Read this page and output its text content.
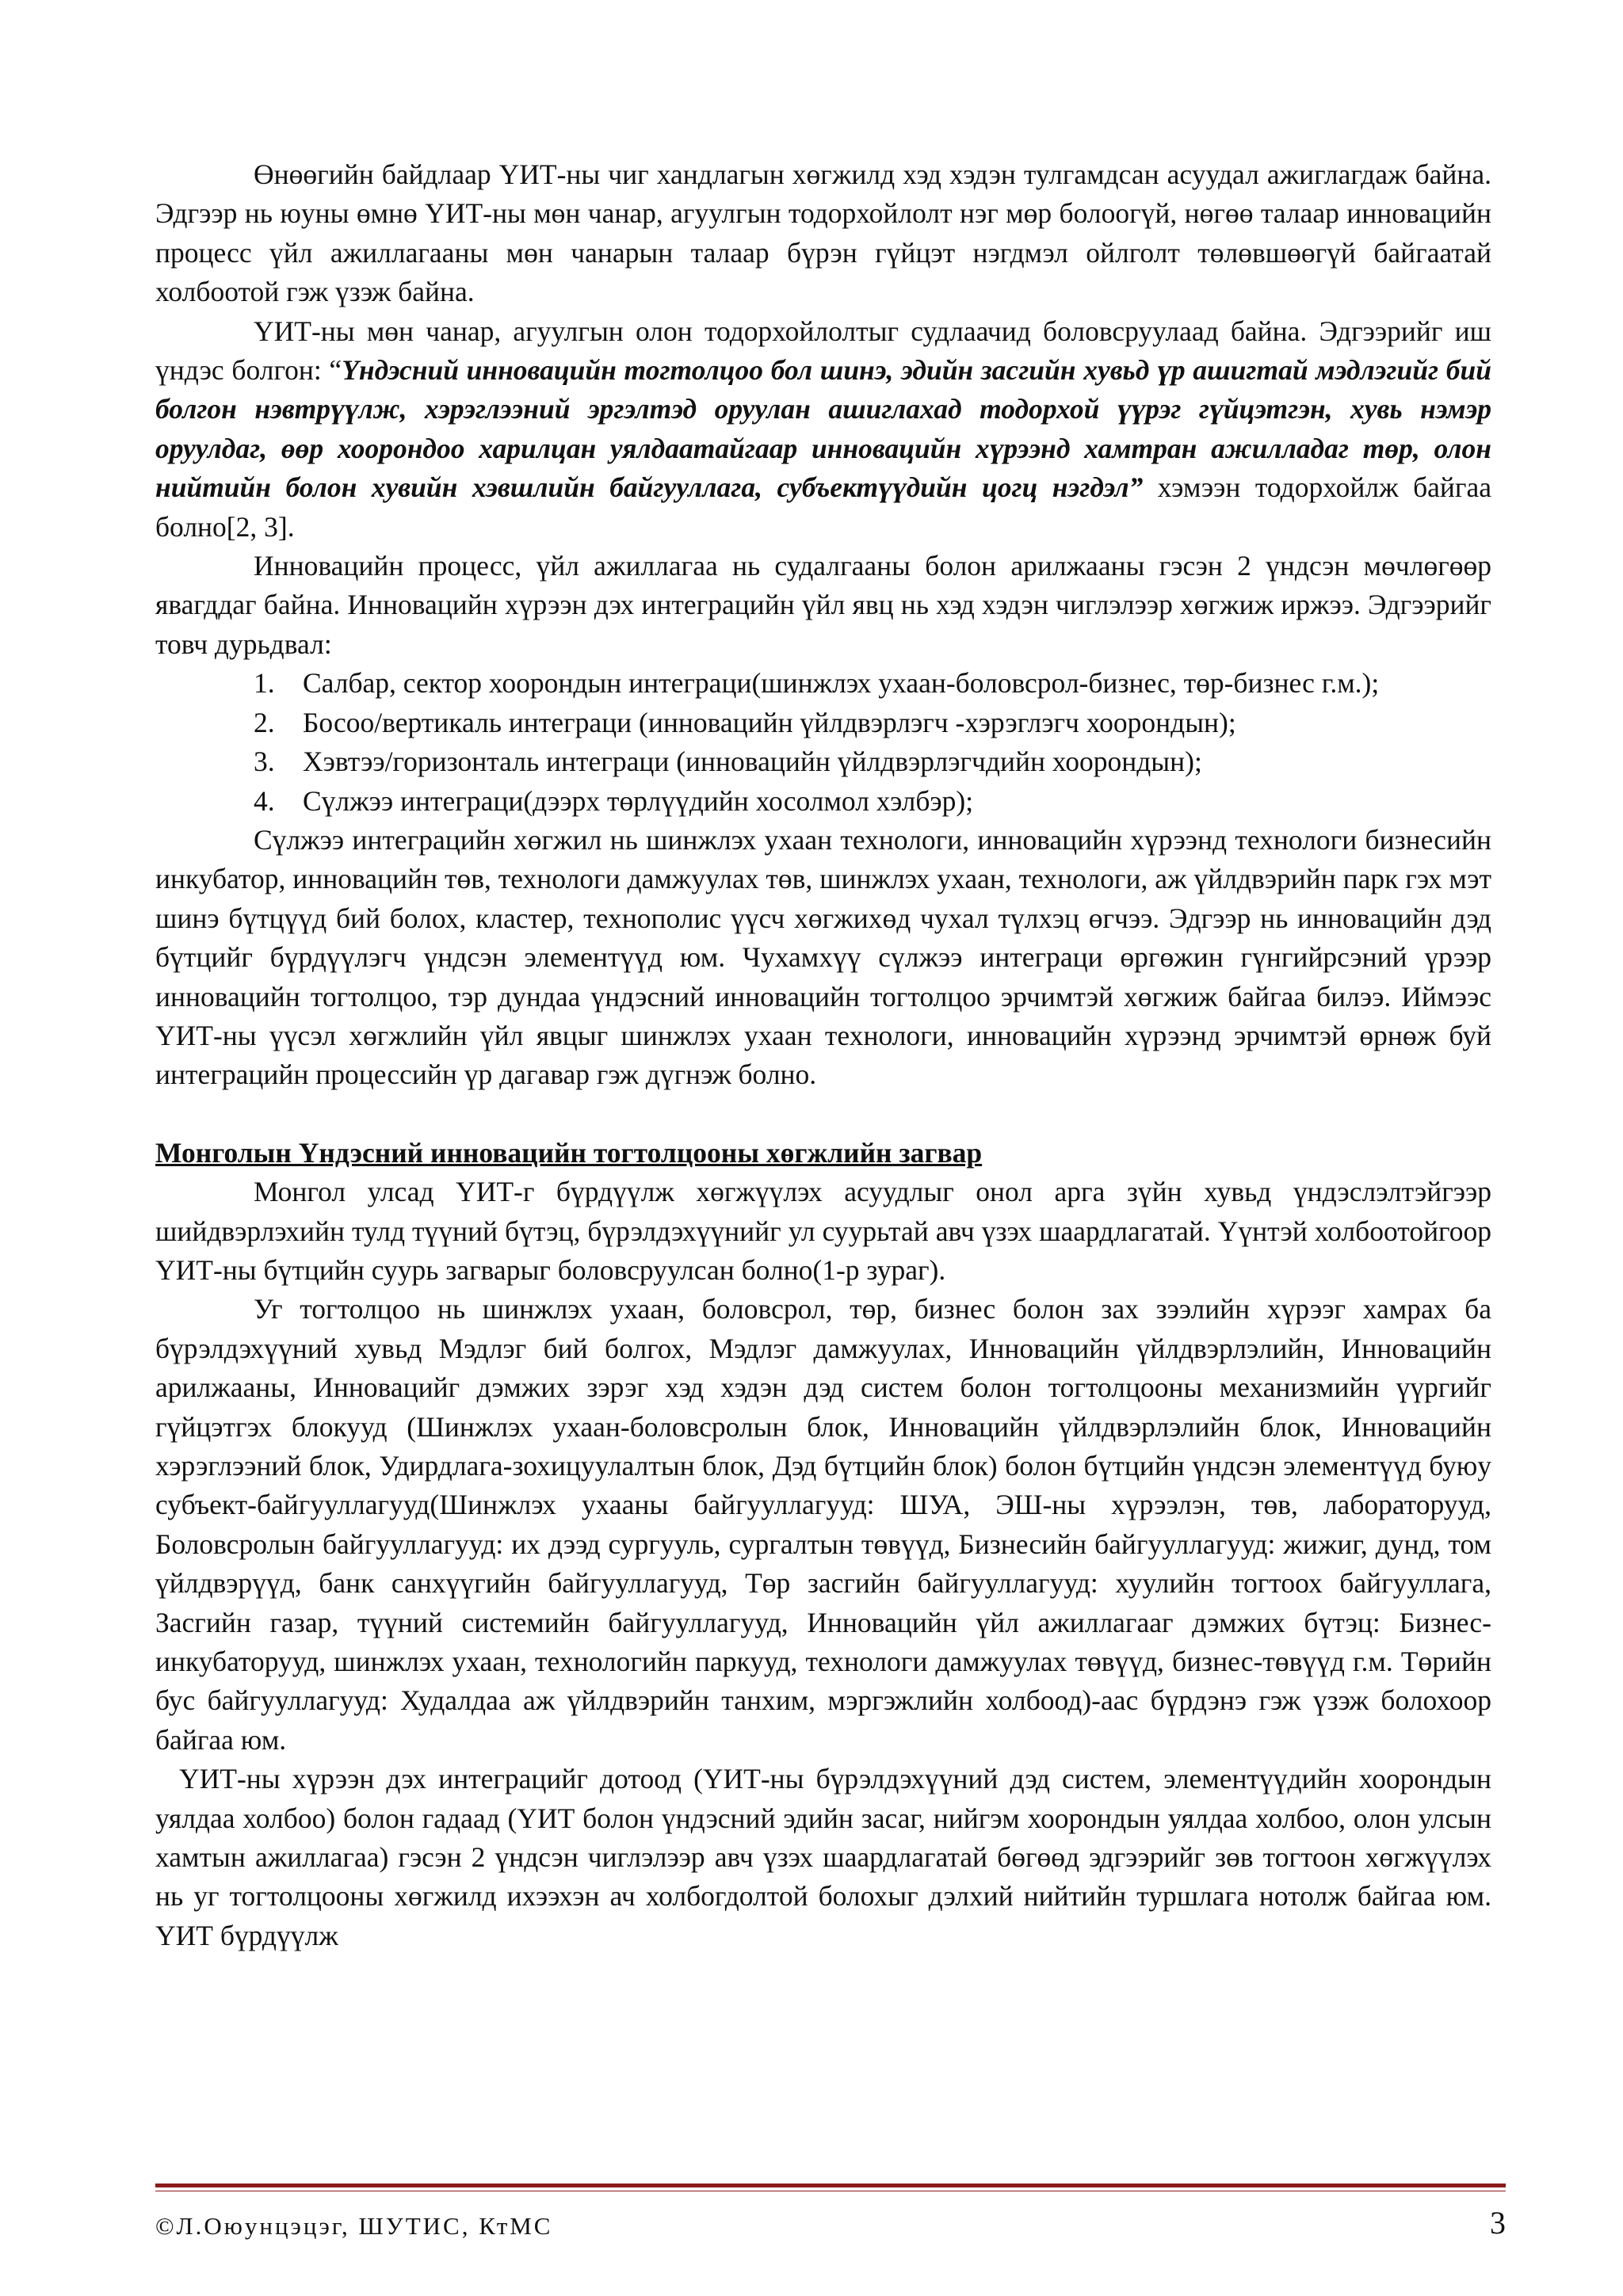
Өнөөгийн байдлаар ҮИТ-ны чиг хандлагын хөгжилд хэд хэдэн тулгамдсан асуудал ажиглагдаж байна. Эдгээр нь юуны өмнө ҮИТ-ны мөн чанар, агуулгын тодорхойлолт нэг мөр болоогүй, нөгөө талаар инновацийн процесс үйл ажиллагааны мөн чанарын талаар бүрэн гүйцэт нэгдмэл ойлголт төлөвшөөгүй байгаатай холбоотой гэж үзэж байна.

ҮИТ-ны мөн чанар, агуулгын олон тодорхойлолтыг судлаачид боловсруулаад байна. Эдгээрийг иш үндэс болгон: “Үндэсний инновацийн тогтолцоо бол шинэ, эдийн засгийн хувьд үр ашигтай мэдлэгийг бий болгон нэвтрүүлж, хэрэглээний эргэлтэд оруулан ашиглахад тодорхой үүрэг гүйцэтгэн, хувь нэмэр оруулдаг, өөр хоорондоо харилцан уялдаатайгаар инновацийн хүрээнд хамтран ажилладаг төр, олон нийтийн болон хувийн хэвшлийн байгууллага, субъектүүдийн цогц нэгдэл” хэмээн тодорхойлж байгаа болно[2, 3].

Инновацийн процесс, үйл ажиллагаа нь судалгааны болон арилжааны гэсэн 2 үндсэн мөчлөгөөр явагддаг байна. Инновацийн хүрээн дэх интеграцийн үйл явц нь хэд хэдэн чиглэлээр хөгжиж иржээ. Эдгээрийг товч дурьдвал:

1. Салбар, сектор хоорондын интеграци(шинжлэх ухаан-боловсрол-бизнес, төр-бизнес г.м.);
2. Босоо/вертикаль интеграци (инновацийн үйлдвэрлэгч -хэрэглэгч хоорондын);
3. Хэвтээ/горизонталь интеграци (инновацийн үйлдвэрлэгчдийн хоорондын);
4. Сүлжээ интеграци(дээрх төрлүүдийн хосолмол хэлбэр);

Сүлжээ интеграцийн хөгжил нь шинжлэх ухаан технологи, инновацийн хүрээнд технологи бизнесийн инкубатор, инновацийн төв, технологи дамжуулах төв, шинжлэх ухаан, технологи, аж үйлдвэрийн парк гэх мэт шинэ бүтцүүд бий болох, кластер, технополис үүсч хөгжихөд чухал түлхэц өгчээ. Эдгээр нь инновацийн дэд бүтцийг бүрдүүлэгч үндсэн элементүүд юм. Чухамхүү сүлжээ интеграци өргөжин гүнгийрсэний үрээр инновацийн тогтолцоо, тэр дундаа үндэсний инновацийн тогтолцоо эрчимтэй хөгжиж байгаа билээ. Иймээс ҮИТ-ны үүсэл хөгжлийн үйл явцыг шинжлэх ухаан технологи, инновацийн хүрээнд эрчимтэй өрнөж буй интеграцийн процессийн үр дагавар гэж дүгнэж болно.

Монголын Үндэсний инновацийн тогтолцооны хөгжлийн загвар

Монгол улсад ҮИТ-г бүрдүүлж хөгжүүлэх асуудлыг онол арга зүйн хувьд үндэслэлтэйгээр шийдвэрлэхийн тулд түүний бүтэц, бүрэлдэхүүнийг ул суурьтай авч үзэх шаардлагатай. Үүнтэй холбоотойгоор ҮИТ-ны бүтцийн суурь загварыг боловсруулсан болно(1-р зураг).

Уг тогтолцоо нь шинжлэх ухаан, боловсрол, төр, бизнес болон зах зээлийн хүрээг хамрах ба бүрэлдэхүүний хувьд Мэдлэг бий болгох, Мэдлэг дамжуулах, Инновацийн үйлдвэрлэлийн, Инновацийн арилжааны, Инновацийг дэмжих зэрэг хэд хэдэн дэд систем болон тогтолцооны механизмийн үүргийг гүйцэтгэх блокууд (Шинжлэх ухаан-боловсролын блок, Инновацийн үйлдвэрлэлийн блок, Инновацийн хэрэглээний блок, Удирдлага-зохицуулалтын блок, Дэд бүтцийн блок) болон бүтцийн үндсэн элементүүд буюу субъект-байгууллагууд(Шинжлэх ухааны байгууллагууд: ШУА, ЭШ-ны хүрээлэн, төв, лабораторууд, Боловсролын байгууллагууд: их дээд сургууль, сургалтын төвүүд, Бизнесийн байгууллагууд: жижиг, дунд, том үйлдвэрүүд, банк санхүүгийн байгууллагууд, Төр засгийн байгууллагууд: хуулийн тогтоох байгууллага, Засгийн газар, түүний системийн байгууллагууд, Инновацийн үйл ажиллагааг дэмжих бүтэц: Бизнес-инкубаторууд, шинжлэх ухаан, технологийн паркууд, технологи дамжуулах төвүүд, бизнес-төвүүд г.м. Төрийн бус байгууллагууд: Худалдаа аж үйлдвэрийн танхим, мэргэжлийн холбоод)-аас бүрдэнэ гэж үзэж болохоор байгаа юм.

ҮИТ-ны хүрээн дэх интеграцийг дотоод (ҮИТ-ны бүрэлдэхүүний дэд систем, элементүүдийн хоорондын уялдаа холбоо) болон гадаад (ҮИТ болон үндэсний эдийн засаг, нийгэм хоорондын уялдаа холбоо, олон улсын хамтын ажиллагаа) гэсэн 2 үндсэн чиглэлээр авч үзэх шаардлагатай бөгөөд эдгээрийг зөв тогтоон хөгжүүлэх нь уг тогтолцооны хөгжилд ихээхэн ач холбогдолтой болохыг дэлхий нийтийн туршлага нотолж байгаа юм. ҮИТ бүрдүүлж

©Л.Оюунцэцэг, ШУТИС, КтМС	3
